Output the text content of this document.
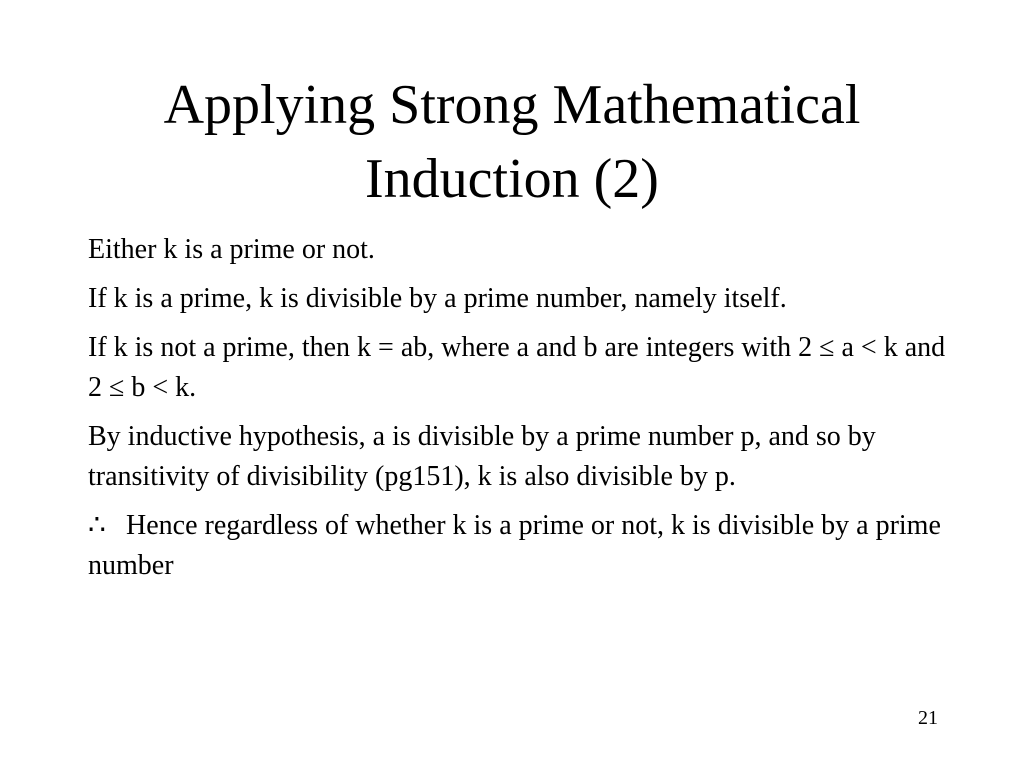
Applying Strong Mathematical
Induction (2)

Either k is a prime or not.

If k is a prime, k is divisible by a prime number, namely itself.

If k is not a prime, then k = ab, where a and b are integers with 2 ≤ a < k and 2 ≤ b < k.

By inductive hypothesis, a is divisible by a prime number p, and so by transitivity of divisibility (pg151), k is also divisible by p.

∴ Hence regardless of whether k is a prime or not, k is divisible by a prime number

21
